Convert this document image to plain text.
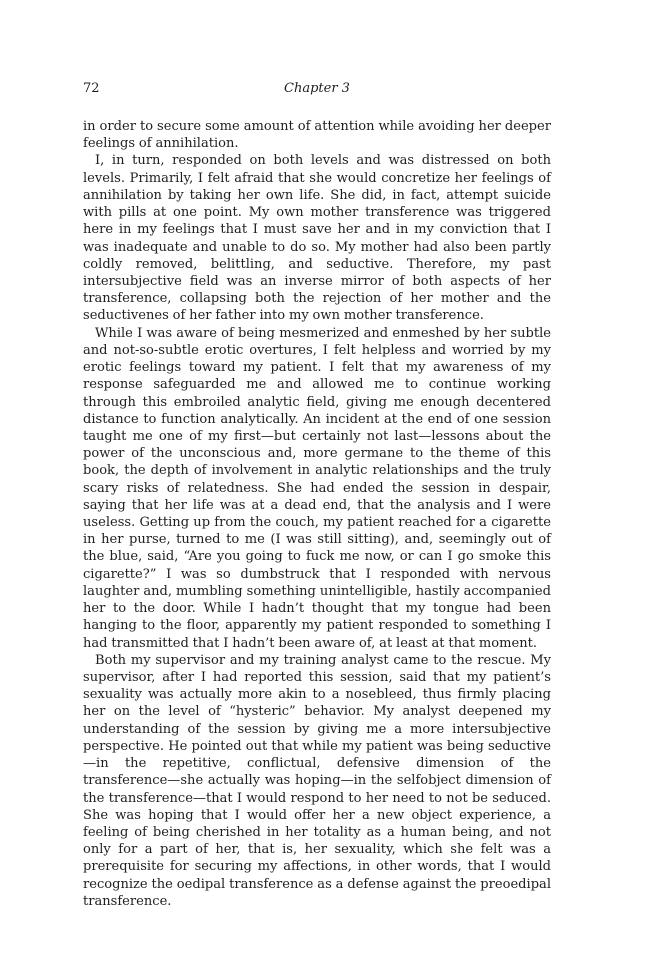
72	Chapter 3

in order to secure some amount of attention while avoiding her deeper feelings of annihilation.

I, in turn, responded on both levels and was distressed on both levels. Primarily, I felt afraid that she would concretize her feelings of annihilation by taking her own life. She did, in fact, attempt suicide with pills at one point. My own mother transference was triggered here in my feelings that I must save her and in my conviction that I was inadequate and unable to do so. My mother had also been partly coldly removed, belittling, and seductive. Therefore, my past intersubjective field was an inverse mirror of both aspects of her transference, collapsing both the rejection of her mother and the seductivenes of her father into my own mother transference.

While I was aware of being mesmerized and enmeshed by her subtle and not-so-subtle erotic overtures, I felt helpless and worried by my erotic feelings toward my patient. I felt that my awareness of my response safeguarded me and allowed me to continue working through this embroiled analytic field, giving me enough decentered distance to function analytically. An incident at the end of one session taught me one of my first—but certainly not last—lessons about the power of the unconscious and, more germane to the theme of this book, the depth of involvement in analytic relationships and the truly scary risks of relatedness. She had ended the session in despair, saying that her life was at a dead end, that the analysis and I were useless. Getting up from the couch, my patient reached for a cigarette in her purse, turned to me (I was still sitting), and, seemingly out of the blue, said, “Are you going to fuck me now, or can I go smoke this cigarette?” I was so dumbstruck that I responded with nervous laughter and, mumbling something unintelligible, hastily accompanied her to the door. While I hadn’t thought that my tongue had been hanging to the floor, apparently my patient responded to something I had transmitted that I hadn’t been aware of, at least at that moment.

Both my supervisor and my training analyst came to the rescue. My supervisor, after I had reported this session, said that my patient’s sexuality was actually more akin to a nosebleed, thus firmly placing her on the level of “hysteric” behavior. My analyst deepened my understanding of the session by giving me a more intersubjective perspective. He pointed out that while my patient was being seductive—in the repetitive, conflictual, defensive dimension of the transference—she actually was hoping—in the selfobject dimension of the transference—that I would respond to her need to not be seduced. She was hoping that I would offer her a new object experience, a feeling of being cherished in her totality as a human being, and not only for a part of her, that is, her sexuality, which she felt was a prerequisite for securing my affections, in other words, that I would recognize the oedipal transference as a defense against the preoedipal transference.
